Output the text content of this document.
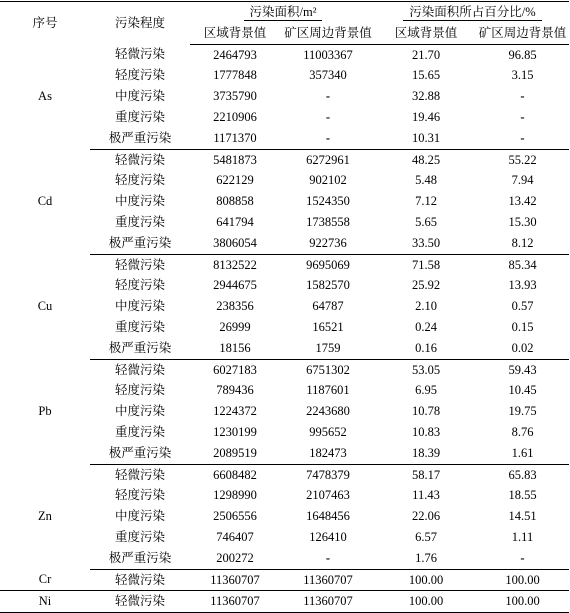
序号	污染程度	污染面积/m²		污染面积所占百分比/%	
		区域背景值	矿区周边背景值	区域背景值	矿区周边背景值
As	轻微污染	2464793	11003367	21.70	96.85
	轻度污染	1777848	357340	15.65	3.15
	中度污染	3735790	-	32.88	-
	重度污染	2210906	-	19.46	-
	极严重污染	1171370	-	10.31	-
Cd	轻微污染	5481873	6272961	48.25	55.22
	轻度污染	622129	902102	5.48	7.94
	中度污染	808858	1524350	7.12	13.42
	重度污染	641794	1738558	5.65	15.30
	极严重污染	3806054	922736	33.50	8.12
Cu	轻微污染	8132522	9695069	71.58	85.34
	轻度污染	2944675	1582570	25.92	13.93
	中度污染	238356	64787	2.10	0.57
	重度污染	26999	16521	0.24	0.15
	极严重污染	18156	1759	0.16	0.02
Pb	轻微污染	6027183	6751302	53.05	59.43
	轻度污染	789436	1187601	6.95	10.45
	中度污染	1224372	2243680	10.78	19.75
	重度污染	1230199	995652	10.83	8.76
	极严重污染	2089519	182473	18.39	1.61
Zn	轻微污染	6608482	7478379	58.17	65.83
	轻度污染	1298990	2107463	11.43	18.55
	中度污染	2506556	1648456	22.06	14.51
	重度污染	746407	126410	6.57	1.11
	极严重污染	200272	-	1.76	-
Cr	轻微污染	11360707	11360707	100.00	100.00
Ni	轻微污染	11360707	11360707	100.00	100.00
